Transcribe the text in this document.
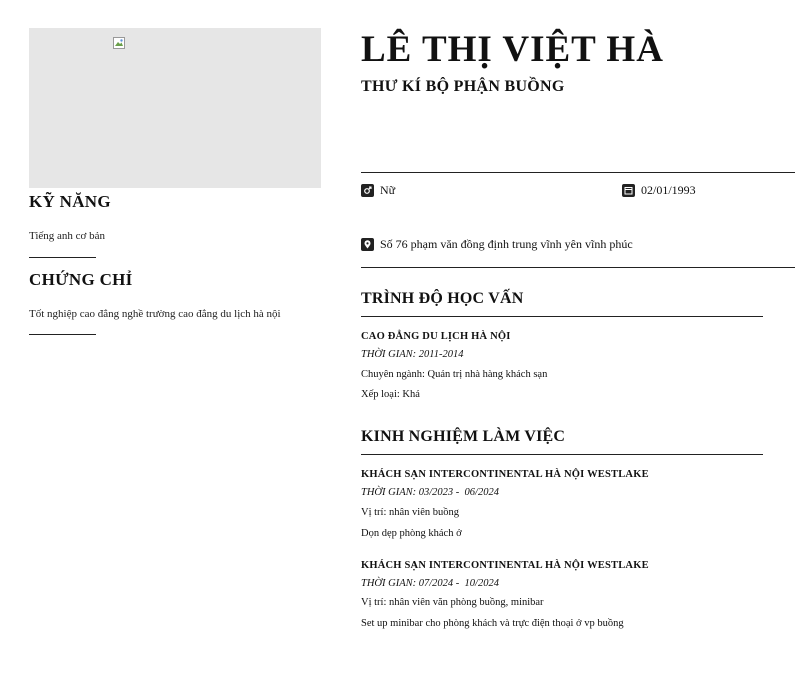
KỸ NĂNG

Tiếng anh cơ bản

CHỨNG CHỈ

Tốt nghiệp cao đẳng nghề trường cao đẳng du lịch hà nội

LÊ THỊ VIỆT HÀ
THƯ KÍ BỘ PHẬN BUỒNG
Nữ	02/01/1993
Số 76 phạm văn đồng định trung vĩnh yên vĩnh phúc
TRÌNH ĐỘ HỌC VẤN

CAO ĐẲNG DU LỊCH HÀ NỘI

THỜI GIAN: 2011-2014

Chuyên ngành: Quản trị nhà hàng khách sạn

Xếp loại: Khá

KINH NGHIỆM LÀM VIỆC

KHÁCH SẠN INTERCONTINENTAL HÀ NỘI WESTLAKE

THỜI GIAN: 03/2023 -  06/2024

Vị trí: nhân viên buồng

Dọn dẹp phòng khách ở

KHÁCH SẠN INTERCONTINENTAL HÀ NỘI WESTLAKE

THỜI GIAN: 07/2024 -  10/2024

Vị trí: nhân viên văn phòng buồng, minibar

Set up minibar cho phòng khách và trực điện thoại ở vp buồng
